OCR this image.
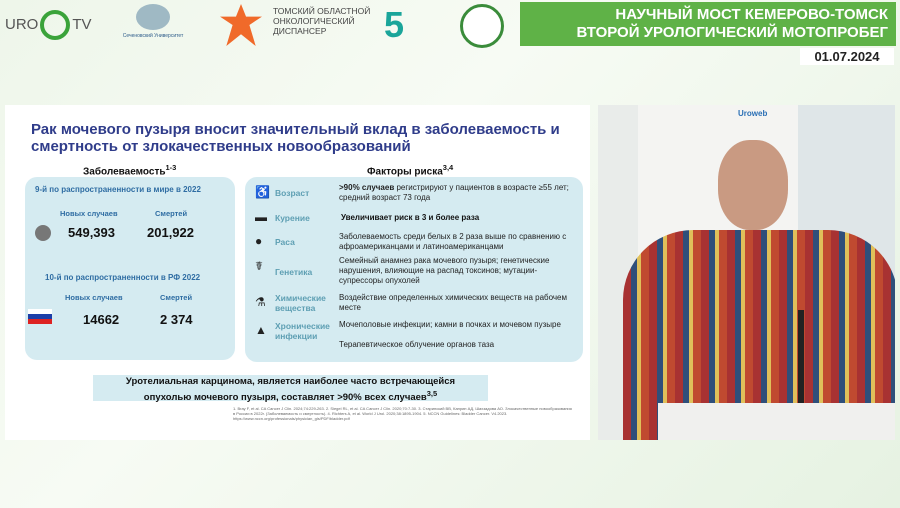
URO TV
Сеченовский Университет
ТОМСКИЙ ОБЛАСТНОЙ ОНКОЛОГИЧЕСКИЙ ДИСПАНСЕР	5	НАУЧНЫЙ МОСТ КЕМЕРОВО-ТОМСК
ВТОРОЙ УРОЛОГИЧЕСКИЙ МОТОПРОБЕГ
01.07.2024
Рак мочевого пузыря вносит значительный вклад в заболеваемость и смертность от злокачественных новообразований
Заболеваемость$^{1-3}$
9-й по распространенности в мире в 2022
Новых случаев	Смертей
549,393 201,922
10-й по распространенности в РФ 2022
Новых случаев	Смертей
14662	2 374
Факторы риска$^{3,4}$
♿ Возраст
>90% случаев регистрируют у пациентов в возрасте ≥55 лет; средний возраст 73 года
▬ Курение	Увеличивает риск в 3 и более раза
●	Раса
Заболеваемость среди белых в 2 раза выше по сравнению с афроамериканцами и латиноамериканцами
☤	Генетика
Семейный анамнез рака мочевого пузыря; генетические нарушения, влияющие на распад токсинов; мутации-супрессоры опухолей
⚗	Химические вещества
Воздействие определенных химических веществ на рабочем месте
▲ Хронические инфекции
Мочеполовые инфекции; камни в почках и мочевом пузыре
Терапевтическое облучение органов таза
Уротелиальная карцинома, является наиболее часто встречающейся
опухолью мочевого пузыря, составляет >90% всех случаев$^{3,5}$
1. Bray F, et al. CA Cancer J Clin. 2024;74:229-263. 2. Siegel RL, et al. CA Cancer J Clin. 2020;70:7-30. 3. Старинский ВВ, Каприн АД, Шахзадова АО. Злокачественные новообразования в России в 2022г. (Заболеваемость и смертность). 4. Richters A, et al. World J Urol. 2020;38:1895-1904. 5. NCCN Guidelines: Bladder Cancer. V4.2023. https://www.nccn.org/professionals/physician_gls/PDF/bladder.pdf
Uroweb
